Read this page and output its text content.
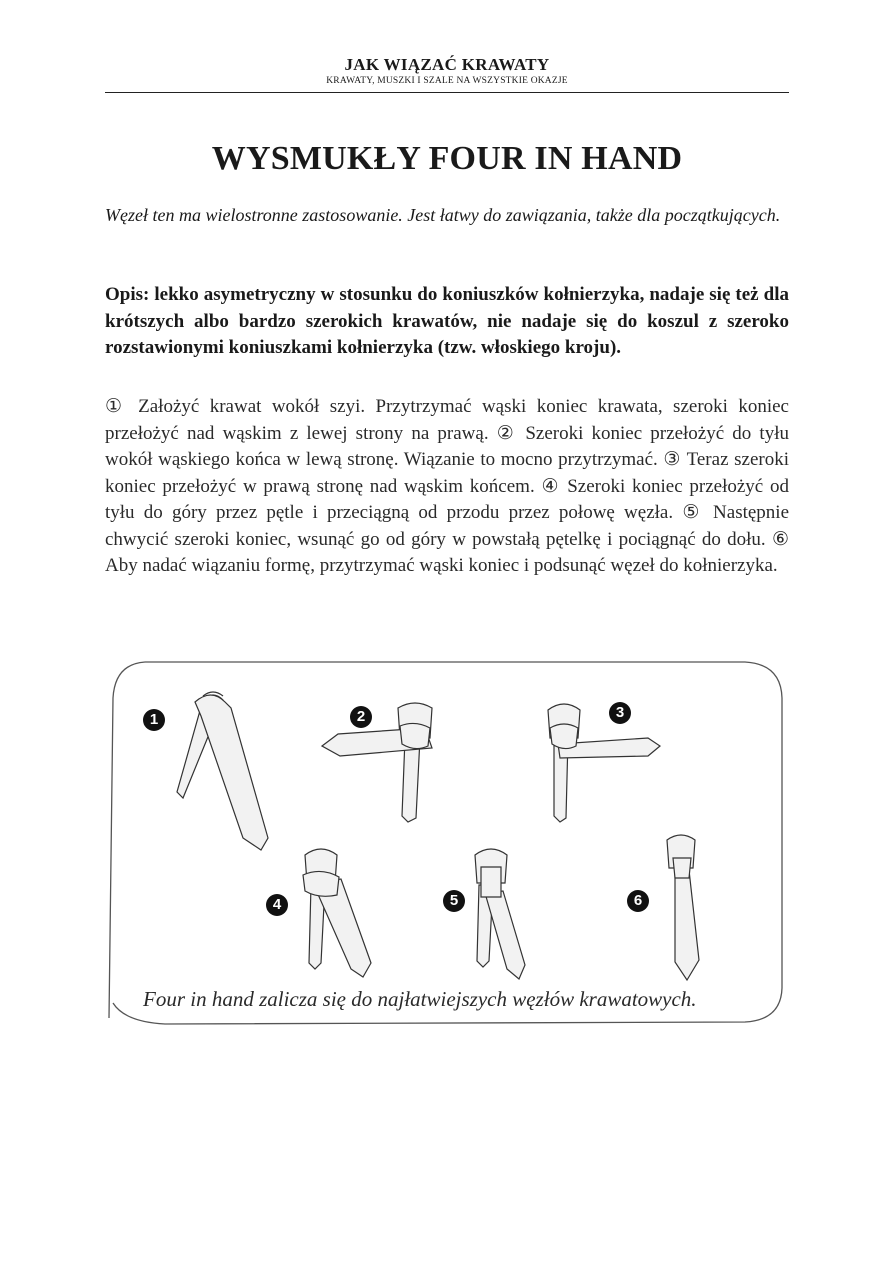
JAK WIĄZAĆ KRAWATY
KRAWATY, MUSZKI I SZALE NA WSZYSTKIE OKAZJE
WYSMUKŁY FOUR IN HAND
Węzeł ten ma wielostronne zastosowanie. Jest łatwy do zawiązania, także dla początkujących.
Opis: lekko asymetryczny w stosunku do koniuszków kołnierzyka, nadaje się też dla krótszych albo bardzo szerokich krawatów, nie nadaje się do koszul z szeroko rozstawionymi koniuszkami kołnierzyka (tzw. włoskiego kroju).
① Założyć krawat wokół szyi. Przytrzymać wąski koniec krawata, szeroki koniec przełożyć nad wąskim z lewej strony na prawą. ② Szeroki koniec przełożyć do tyłu wokół wąskiego końca w lewą stronę. Wiązanie to mocno przytrzymać. ③ Teraz szeroki koniec przełożyć w prawą stronę nad wąskim końcem. ④ Szeroki koniec przełożyć od tyłu do góry przez pętle i przeciągną od przodu przez połowę węzła. ⑤ Następnie chwycić szeroki koniec, wsunąć go od góry w powstałą pętelkę i pociągnąć do dołu. ⑥ Aby nadać wiązaniu formę, przytrzymać wąski koniec i podsunąć węzeł do kołnierzyka.
1	2	3
4	5	6
Four in hand zalicza się do najłatwiejszych węzłów krawatowych.
